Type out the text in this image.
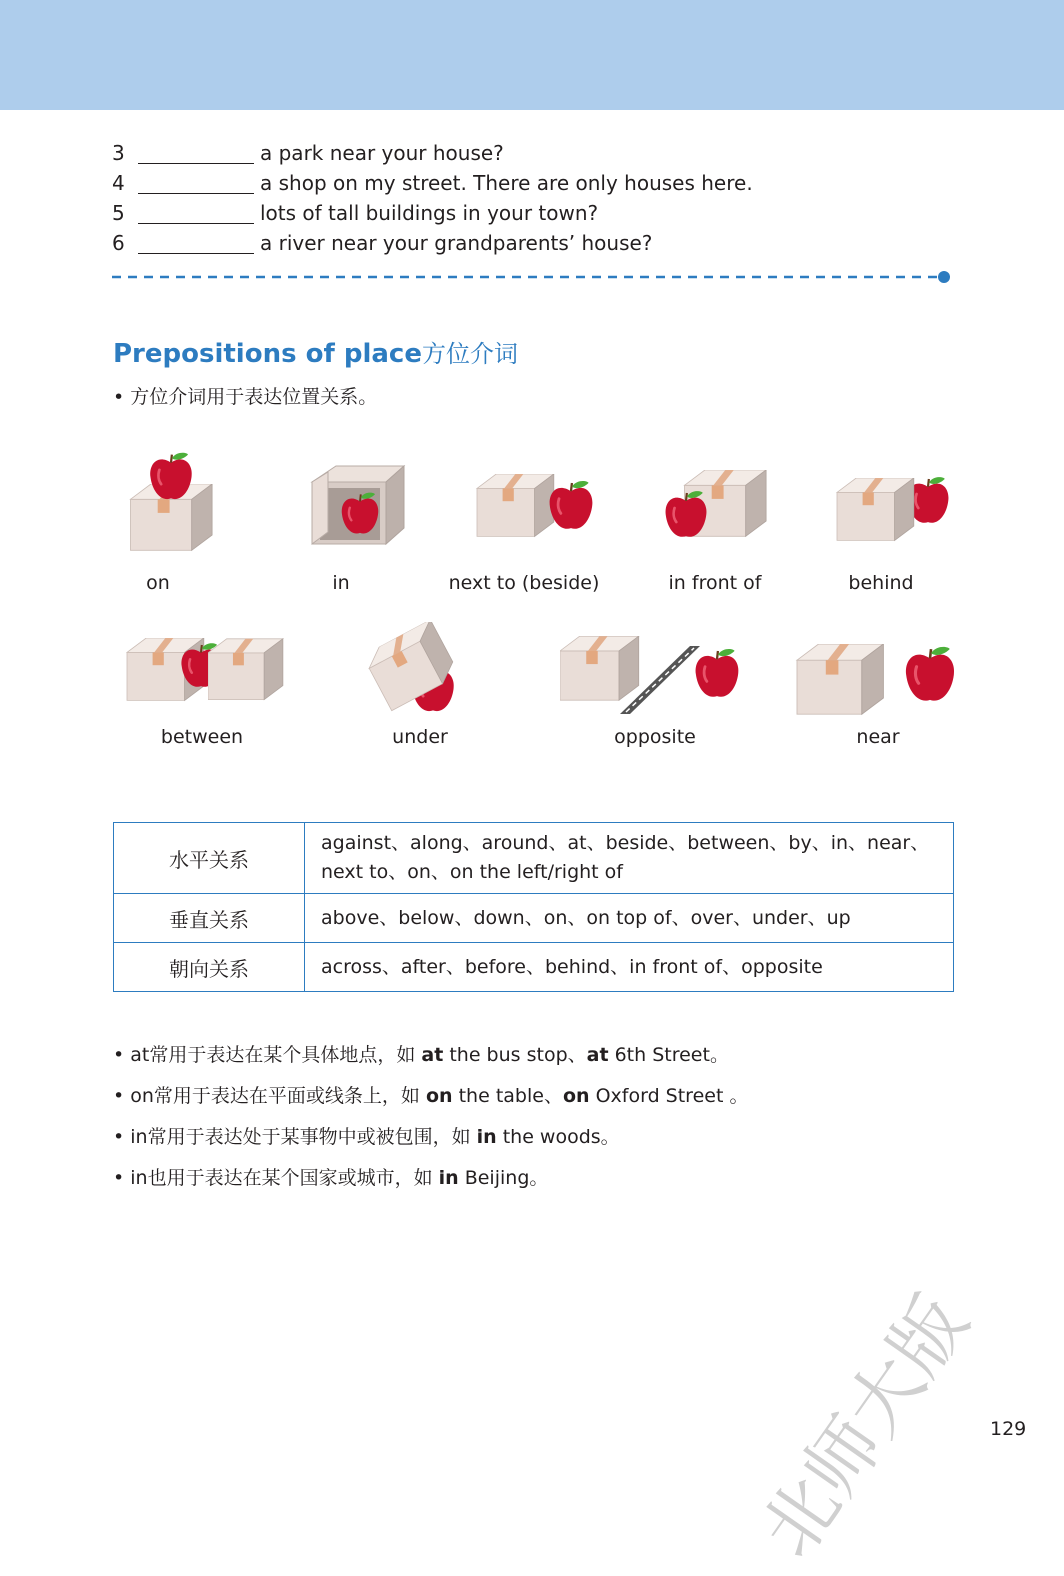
3	a park near your house?
4	a shop on my street. There are only houses here.
5	lots of tall buildings in your town?
6	a river near your grandparents’ house?
Prepositions of place方位介词
• 方位介词用于表达位置关系。
on	in	next to (beside)	in front of	behind
between	under	opposite	near
水平关系	against、along、around、at、beside、between、by、in、near、next to、on、on the left/right of
垂直关系	above、below、down、on、on top of、over、under、up
朝向关系	across、after、before、behind、in front of、opposite
• at常用于表达在某个具体地点，如 at the bus stop、at 6th Street。
• on常用于表达在平面或线条上，如 on the table、on Oxford Street 。
• in常用于表达处于某事物中或被包围，如 in the woods。
• in也用于表达在某个国家或城市，如 in Beijing。
北师大版 129
